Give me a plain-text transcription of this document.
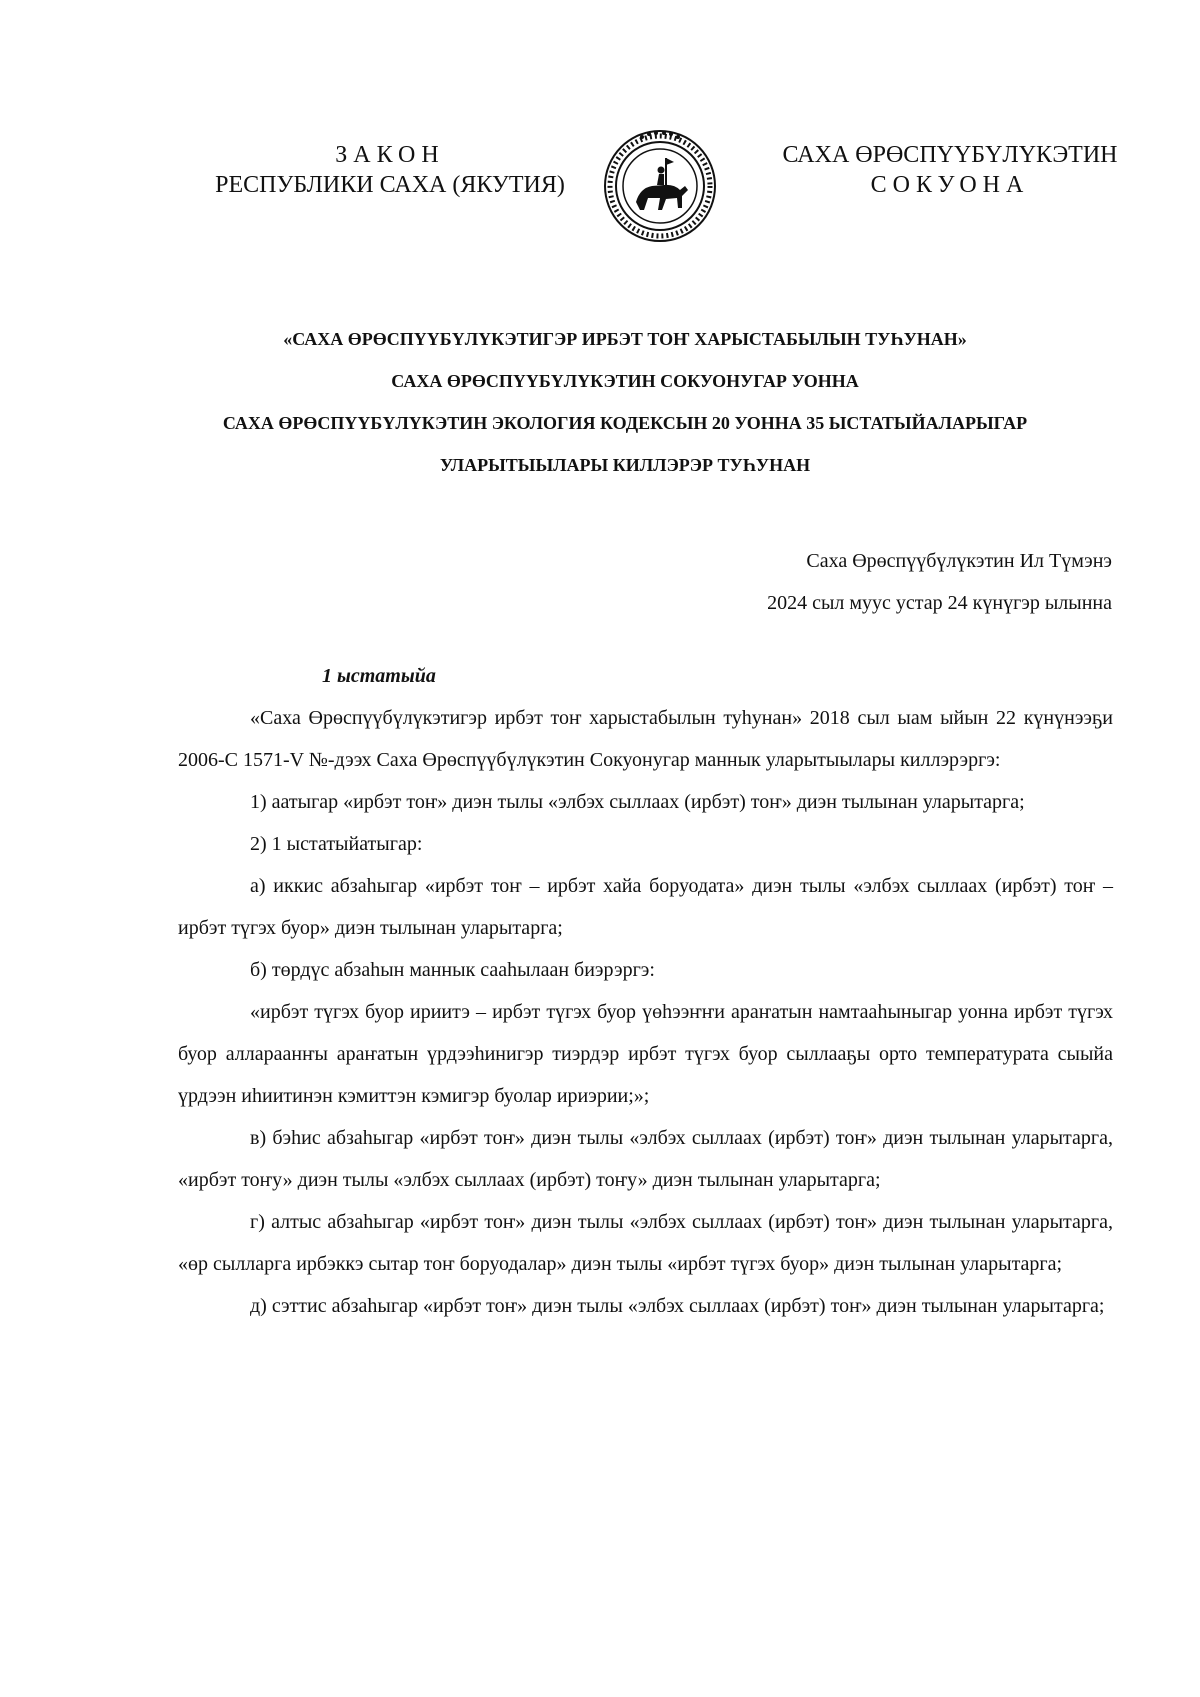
ЗАКОН
РЕСПУБЛИКИ САХА (ЯКУТИЯ)
САХА ӨРӨСПҮҮБҮЛҮКЭТИН
СОКУОНА
«САХА ӨРӨСПҮҮБҮЛҮКЭТИГЭР ИРБЭТ ТОҤ ХАРЫСТАБЫЛЫН ТУҺУНАН»
САХА ӨРӨСПҮҮБҮЛҮКЭТИН СОКУОНУГАР УОННА
САХА ӨРӨСПҮҮБҮЛҮКЭТИН ЭКОЛОГИЯ КОДЕКСЫН 20 УОННА 35 ЫСТАТЫЙАЛАРЫГАР
УЛАРЫТЫЫЛАРЫ КИЛЛЭРЭР ТУҺУНАН
Саха Өрөспүүбүлүкэтин Ил Түмэнэ
2024 сыл муус устар 24 күнүгэр ылынна

1 ыстатыйа

«Саха Өрөспүүбүлүкэтигэр ирбэт тоҥ харыстабылын туһунан» 2018 сыл ыам ыйын 22 күнүнээҕи 2006-С 1571-V №-дээх Саха Өрөспүүбүлүкэтин Сокуонугар маннык уларытыылары киллэрэргэ:

1) аатыгар «ирбэт тоҥ» диэн тылы «элбэх сыллаах (ирбэт) тоҥ» диэн тылынан уларытарга;

2) 1 ыстатыйатыгар:

а) иккис абзаһыгар «ирбэт тоҥ – ирбэт хайа боруодата» диэн тылы «элбэх сыллаах (ирбэт) тоҥ – ирбэт түгэх буор» диэн тылынан уларытарга;

б) төрдүс абзаһын маннык сааһылаан биэрэргэ:

«ирбэт түгэх буор ириитэ – ирбэт түгэх буор үөһээҥҥи араҥатын намтааһыныгар уонна ирбэт түгэх буор аллараанҥы араҥатын үрдээһинигэр тиэрдэр ирбэт түгэх буор сыллааҕы орто температурата сыыйа үрдээн иһиитинэн кэмиттэн кэмигэр буолар ириэрии;»;

в) бэһис абзаһыгар «ирбэт тоҥ» диэн тылы «элбэх сыллаах (ирбэт) тоҥ» диэн тылынан уларытарга, «ирбэт тоҥу» диэн тылы «элбэх сыллаах (ирбэт) тоҥу» диэн тылынан уларытарга;

г) алтыс абзаһыгар «ирбэт тоҥ» диэн тылы «элбэх сыллаах (ирбэт) тоҥ» диэн тылынан уларытарга, «өр сылларга ирбэккэ сытар тоҥ боруодалар» диэн тылы «ирбэт түгэх буор» диэн тылынан уларытарга;

д) сэттис абзаһыгар «ирбэт тоҥ» диэн тылы «элбэх сыллаах (ирбэт) тоҥ» диэн тылынан уларытарга;
